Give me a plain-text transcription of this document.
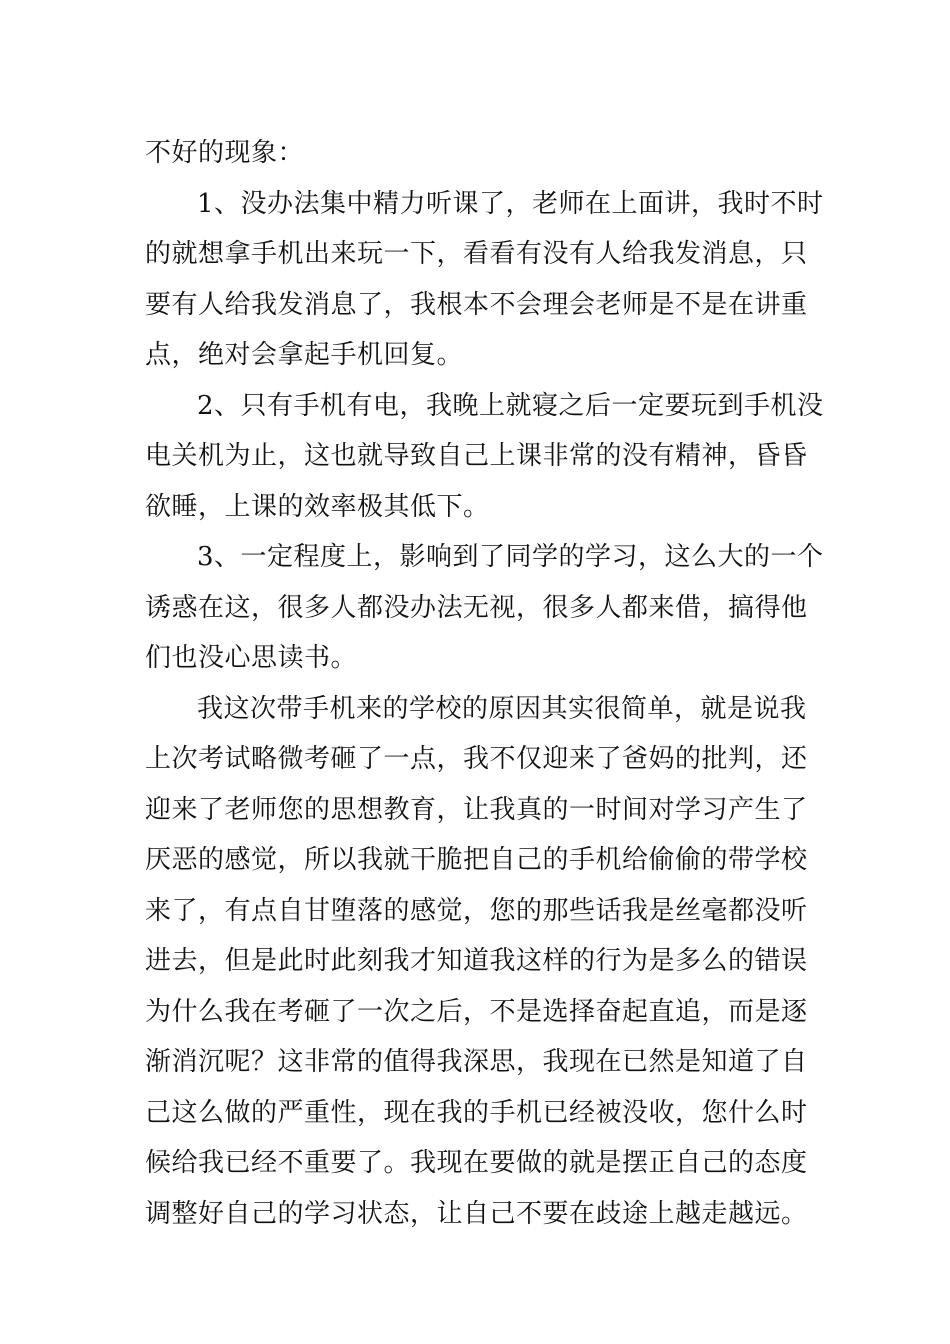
不好的现象：
1、没办法集中精力听课了，老师在上面讲，我时不时
的就想拿手机出来玩一下，看看有没有人给我发消息，只
要有人给我发消息了，我根本不会理会老师是不是在讲重
点，绝对会拿起手机回复。
2、只有手机有电，我晚上就寝之后一定要玩到手机没
电关机为止，这也就导致自己上课非常的没有精神，昏昏
欲睡，上课的效率极其低下。
3、一定程度上，影响到了同学的学习，这么大的一个
诱惑在这，很多人都没办法无视，很多人都来借，搞得他
们也没心思读书。
我这次带手机来的学校的原因其实很简单，就是说我
上次考试略微考砸了一点，我不仅迎来了爸妈的批判，还
迎来了老师您的思想教育，让我真的一时间对学习产生了
厌恶的感觉，所以我就干脆把自己的手机给偷偷的带学校
来了，有点自甘堕落的感觉，您的那些话我是丝毫都没听
进去，但是此时此刻我才知道我这样的行为是多么的错误
为什么我在考砸了一次之后，不是选择奋起直追，而是逐
渐消沉呢？这非常的值得我深思，我现在已然是知道了自
己这么做的严重性，现在我的手机已经被没收，您什么时
候给我已经不重要了。我现在要做的就是摆正自己的态度
调整好自己的学习状态，让自己不要在歧途上越走越远。
